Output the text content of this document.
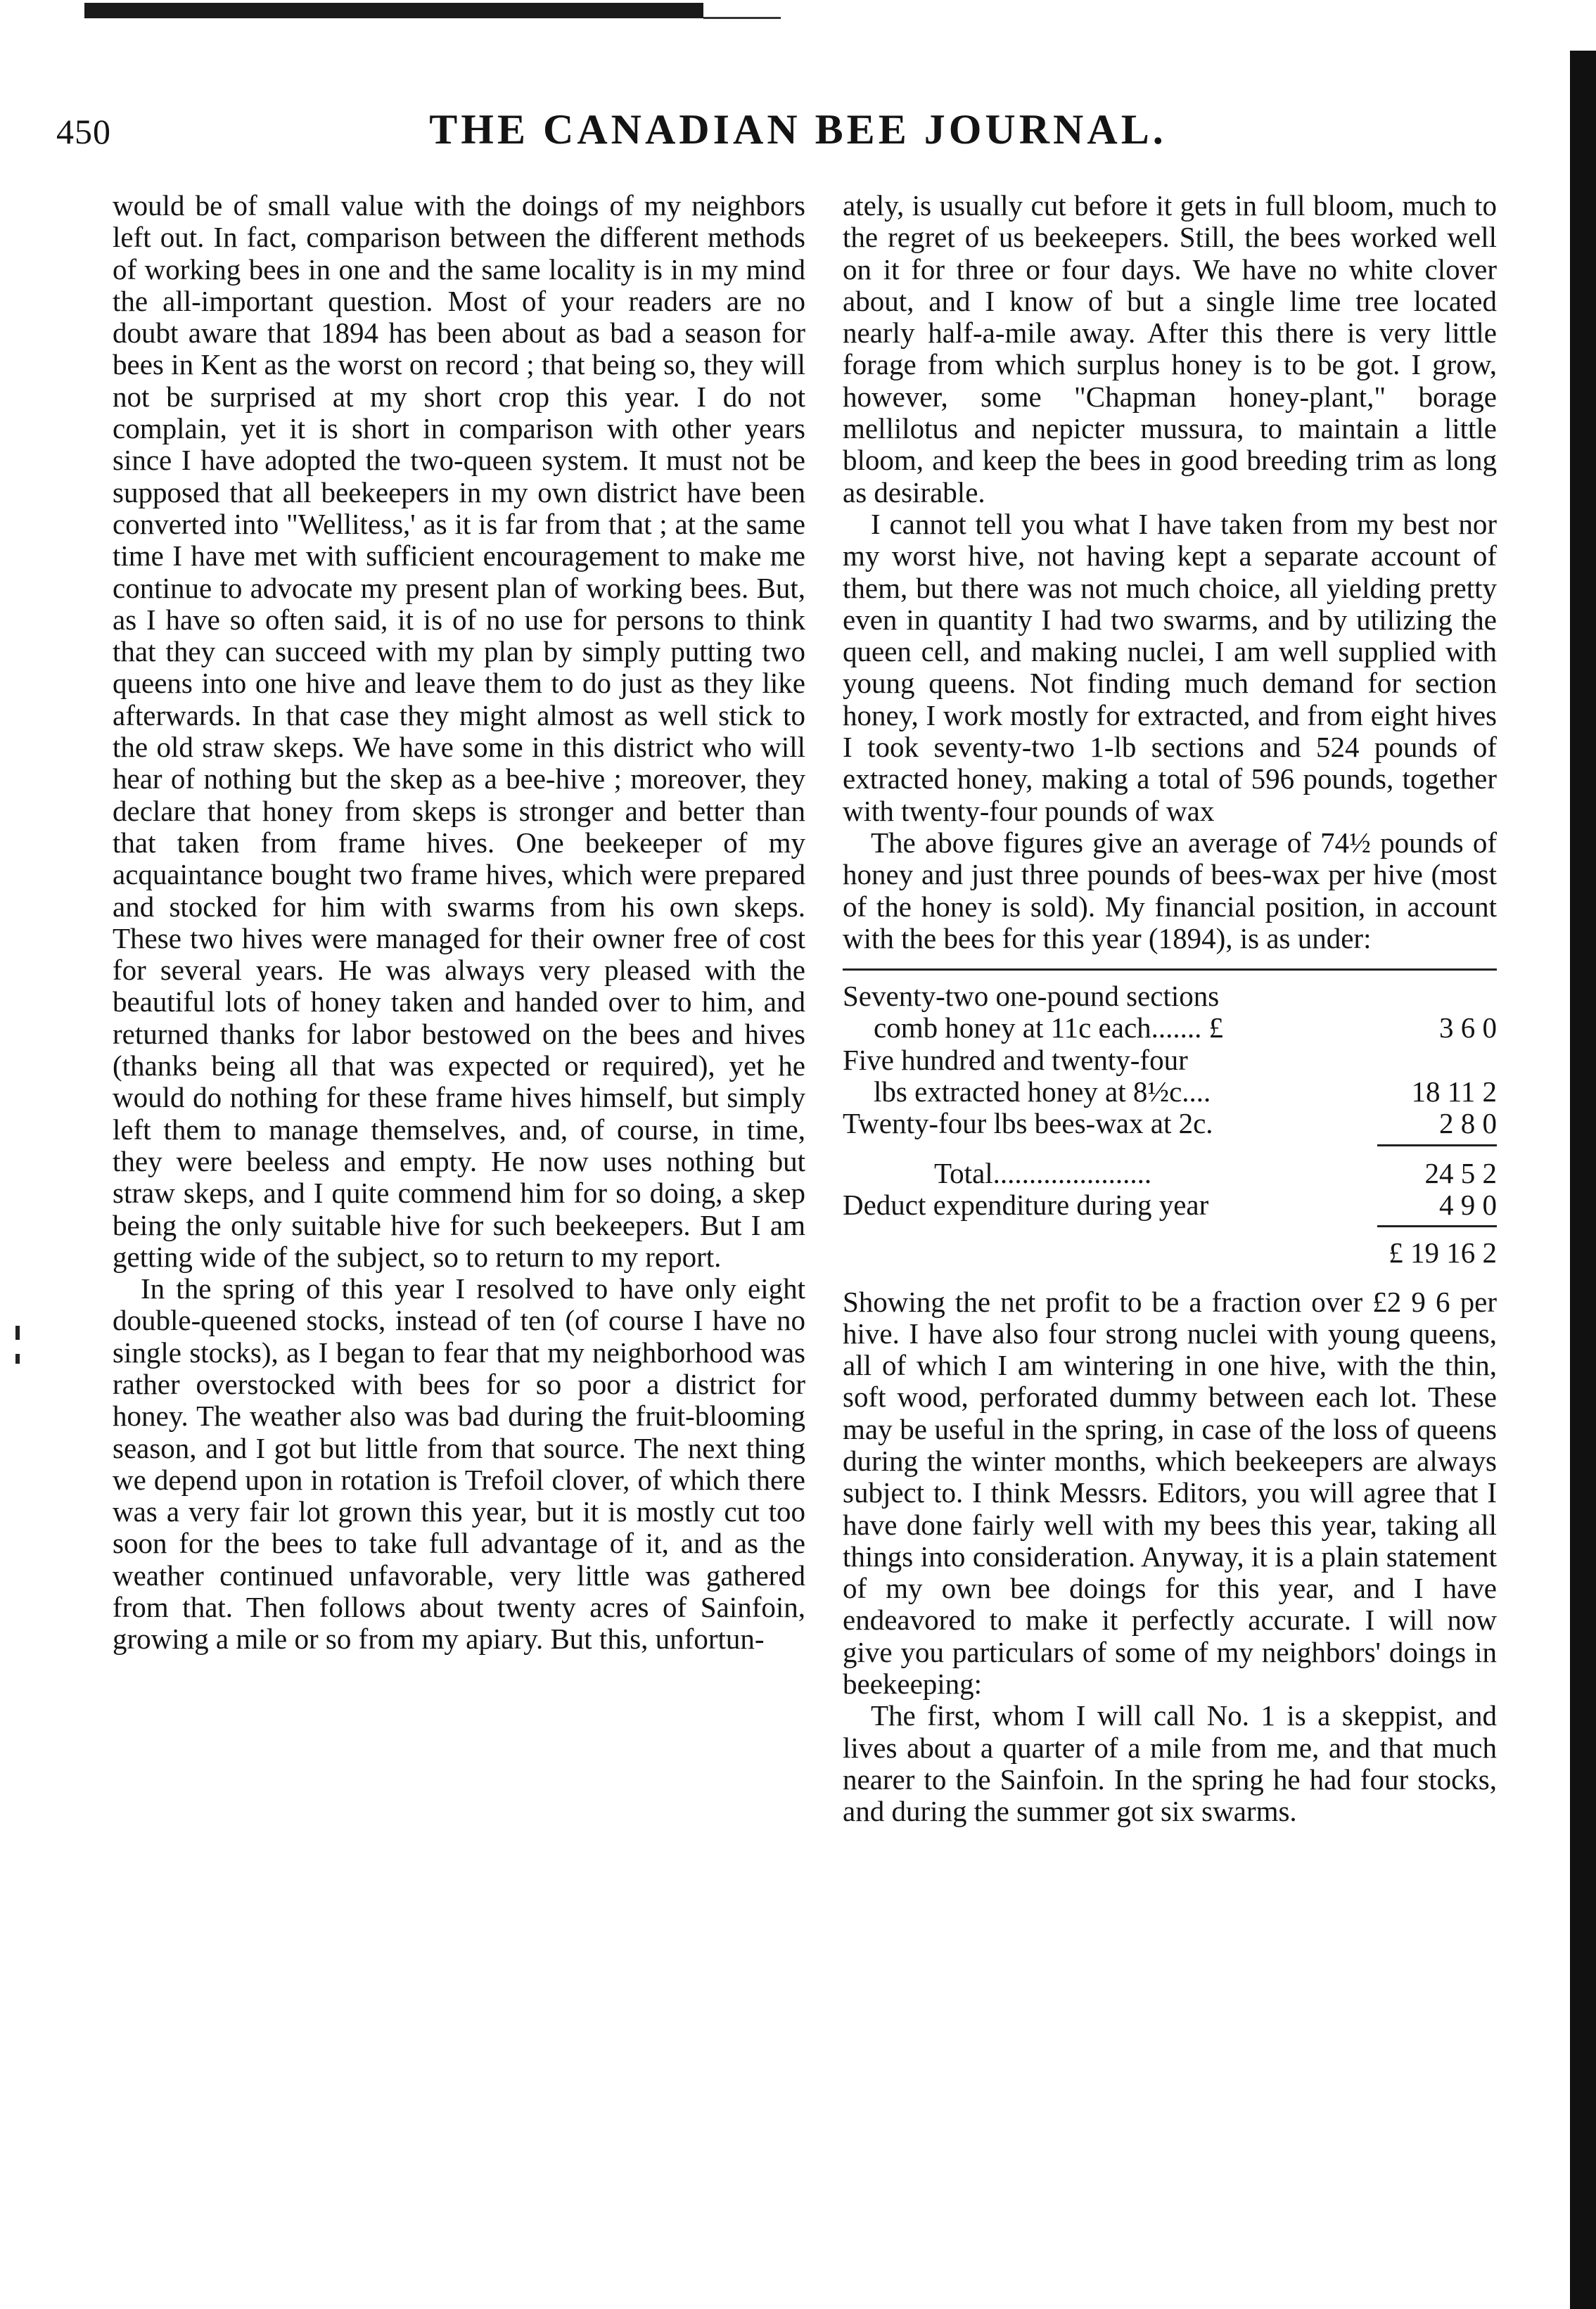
450	THE CANADIAN BEE JOURNAL.

would be of small value with the doings of my neighbors left out. In fact, comparison between the different methods of working bees in one and the same locality is in my mind the all-important question. Most of your readers are no doubt aware that 1894 has been about as bad a season for bees in Kent as the worst on record ; that being so, they will not be surprised at my short crop this year. I do not complain, yet it is short in comparison with other years since I have adopted the two-queen system. It must not be supposed that all beekeepers in my own district have been converted into "Wellitess,' as it is far from that ; at the same time I have met with sufficient encouragement to make me continue to advocate my present plan of working bees. But, as I have so often said, it is of no use for persons to think that they can succeed with my plan by simply putting two queens into one hive and leave them to do just as they like afterwards. In that case they might almost as well stick to the old straw skeps. We have some in this district who will hear of nothing but the skep as a bee-hive ; moreover, they declare that honey from skeps is stronger and better than that taken from frame hives. One beekeeper of my acquaintance bought two frame hives, which were prepared and stocked for him with swarms from his own skeps. These two hives were managed for their owner free of cost for several years. He was always very pleased with the beautiful lots of honey taken and handed over to him, and returned thanks for labor bestowed on the bees and hives (thanks being all that was expected or required), yet he would do nothing for these frame hives himself, but simply left them to manage themselves, and, of course, in time, they were beeless and empty. He now uses nothing but straw skeps, and I quite commend him for so doing, a skep being the only suitable hive for such beekeepers. But I am getting wide of the subject, so to return to my report.

In the spring of this year I resolved to have only eight double-queened stocks, instead of ten (of course I have no single stocks), as I began to fear that my neighborhood was rather overstocked with bees for so poor a district for honey. The weather also was bad during the fruit-blooming season, and I got but little from that source. The next thing we depend upon in rotation is Trefoil clover, of which there was a very fair lot grown this year, but it is mostly cut too soon for the bees to take full advantage of it, and as the weather continued unfavorable, very little was gathered from that. Then follows about twenty acres of Sainfoin, growing a mile or so from my apiary. But this, unfortun-

ately, is usually cut before it gets in full bloom, much to the regret of us beekeepers. Still, the bees worked well on it for three or four days. We have no white clover about, and I know of but a single lime tree located nearly half-a-mile away. After this there is very little forage from which surplus honey is to be got. I grow, however, some "Chapman honey-plant," borage mellilotus and nepicter mussura, to maintain a little bloom, and keep the bees in good breeding trim as long as desirable.

I cannot tell you what I have taken from my best nor my worst hive, not having kept a separate account of them, but there was not much choice, all yielding pretty even in quantity I had two swarms, and by utilizing the queen cell, and making nuclei, I am well supplied with young queens. Not finding much demand for section honey, I work mostly for extracted, and from eight hives I took seventy-two 1-lb sections and 524 pounds of extracted honey, making a total of 596 pounds, together with twenty-four pounds of wax

The above figures give an average of 74½ pounds of honey and just three pounds of bees-wax per hive (most of the honey is sold). My financial position, in account with the bees for this year (1894), is as under:

Seventy-two one-pound sections
comb honey at 11c each....... £	3 6 0
Five hundred and twenty-four
lbs extracted honey at 8½c....	18 11 2
Twenty-four lbs bees-wax at 2c.	2 8 0
Total......................	24 5 2
Deduct expenditure during year	4 9 0
£ 19 16 2

Showing the net profit to be a fraction over £2 9 6 per hive. I have also four strong nuclei with young queens, all of which I am wintering in one hive, with the thin, soft wood, perforated dummy between each lot. These may be useful in the spring, in case of the loss of queens during the winter months, which beekeepers are always subject to. I think Messrs. Editors, you will agree that I have done fairly well with my bees this year, taking all things into consideration. Anyway, it is a plain statement of my own bee doings for this year, and I have endeavored to make it perfectly accurate. I will now give you particulars of some of my neighbors' doings in beekeeping:

The first, whom I will call No. 1 is a skeppist, and lives about a quarter of a mile from me, and that much nearer to the Sainfoin. In the spring he had four stocks, and during the summer got six swarms.
